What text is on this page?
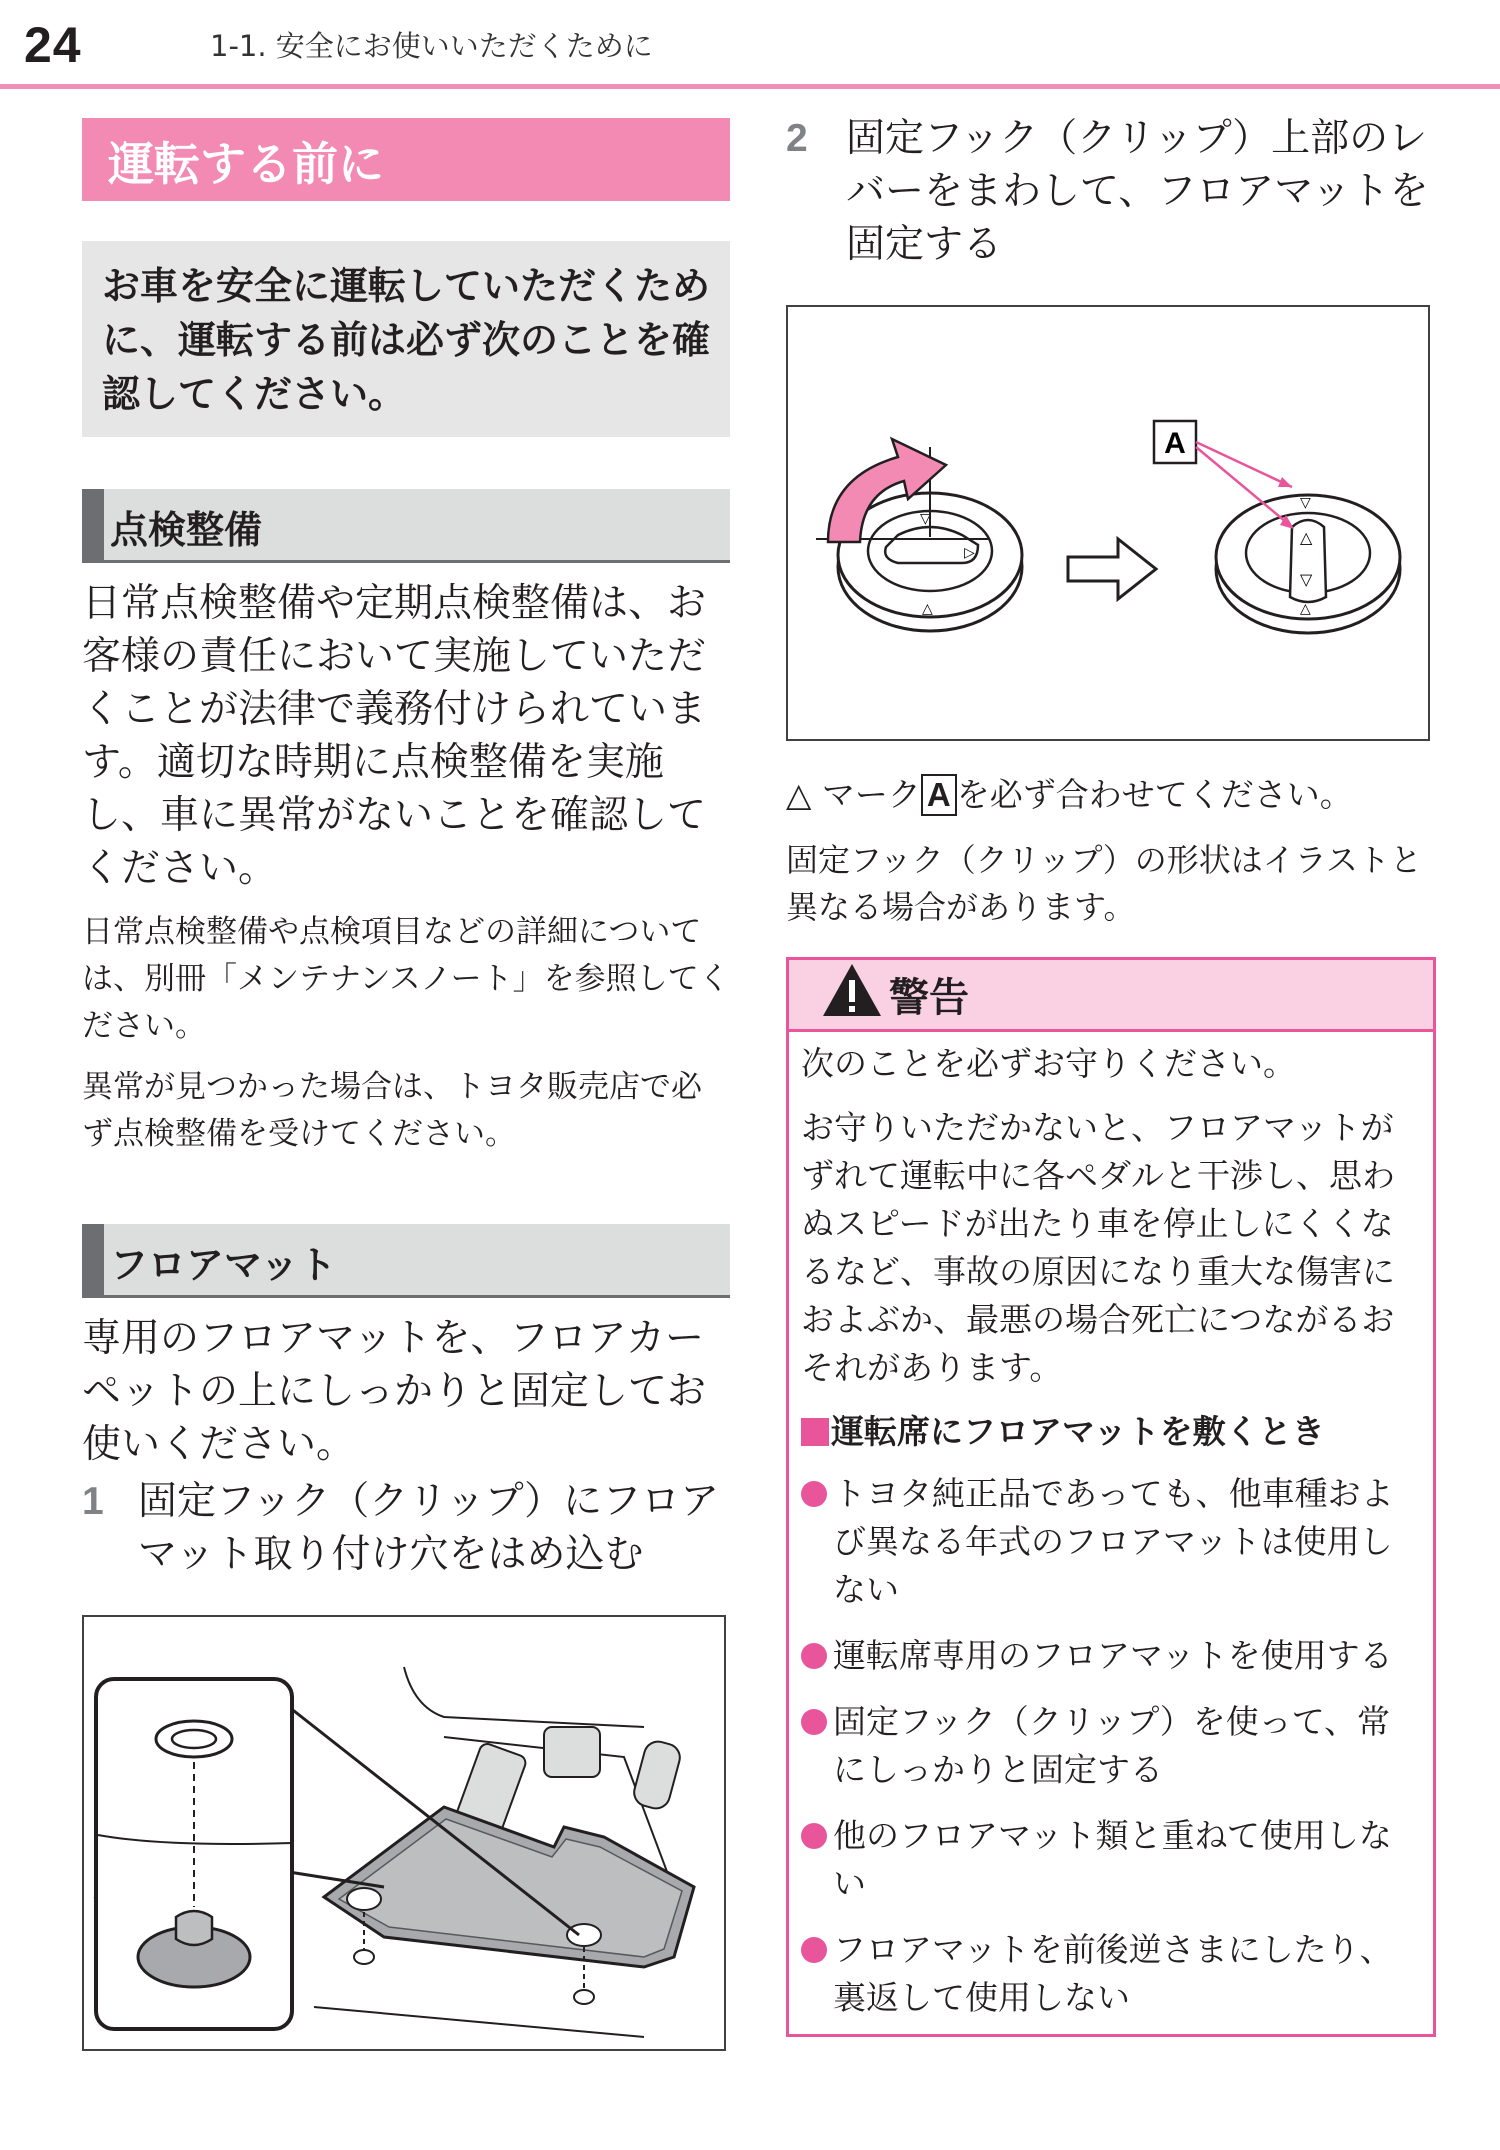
24	1-1. 安全にお使いいただくために
運転する前に
お車を安全に運転していただくために、運転する前は必ず次のことを確認してください。
点検整備
日常点検整備や定期点検整備は、お客様の責任において実施していただくことが法律で義務付けられています。適切な時期に点検整備を実施し、車に異常がないことを確認してください。
日常点検整備や点検項目などの詳細については、別冊「メンテナンスノート」を参照してください。
異常が見つかった場合は、トヨタ販売店で必ず点検整備を受けてください。
フロアマット
専用のフロアマットを、フロアカーペットの上にしっかりと固定してお使いください。
1 固定フック（クリップ）にフロアマット取り付け穴をはめ込む
2 固定フック（クリップ）上部のレバーをまわして、フロアマットを固定する
▷
▽
△
△
▽
▽
△
A
△ マーク A を必ず合わせてください。
固定フック（クリップ）の形状はイラストと異なる場合があります。
警告

次のことを必ずお守りください。

お守りいただかないと、フロアマットがずれて運転中に各ペダルと干渉し、思わぬスピードが出たり車を停止しにくくなるなど、事故の原因になり重大な傷害におよぶか、最悪の場合死亡につながるおそれがあります。

運転席にフロアマットを敷くとき
トヨタ純正品であっても、他車種および異なる年式のフロアマットは使用しない
運転席専用のフロアマットを使用する
固定フック（クリップ）を使って、常にしっかりと固定する
他のフロアマット類と重ねて使用しない
フロアマットを前後逆さまにしたり、裏返して使用しない
